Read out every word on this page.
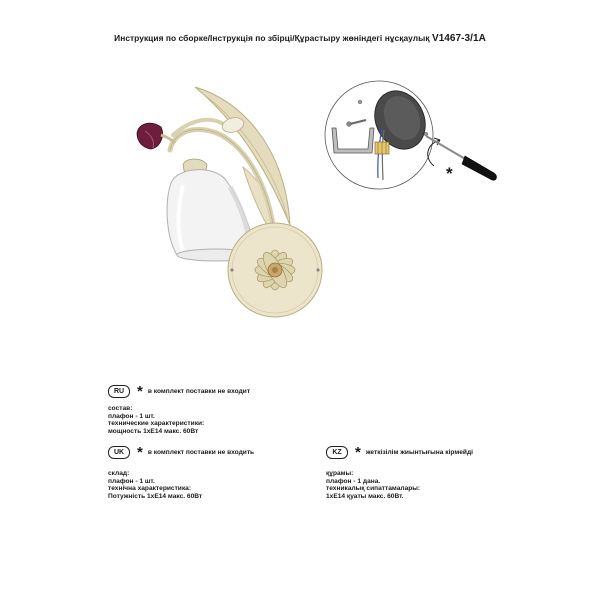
Инструкция по сборке/Інструкція по збірці/Құрастыру жөніндегі нұсқаулық V1467-3/1A
*
RU * в комплект поставки не входит
состав:
плафон - 1 шт.
технические характеристики:
мощность 1хЕ14 макс. 60Вт
UK * в комплект поставки не входить
склад:
плафон - 1 шт.
технічна характеристика:
Потужність 1хЕ14 макс. 60Вт
KZ * жеткізілім жиынтығына кірмейді
құрамы:
плафон - 1 дана.
техникалық сипаттамалары:
1хЕ14 қуаты макс. 60Вт.
